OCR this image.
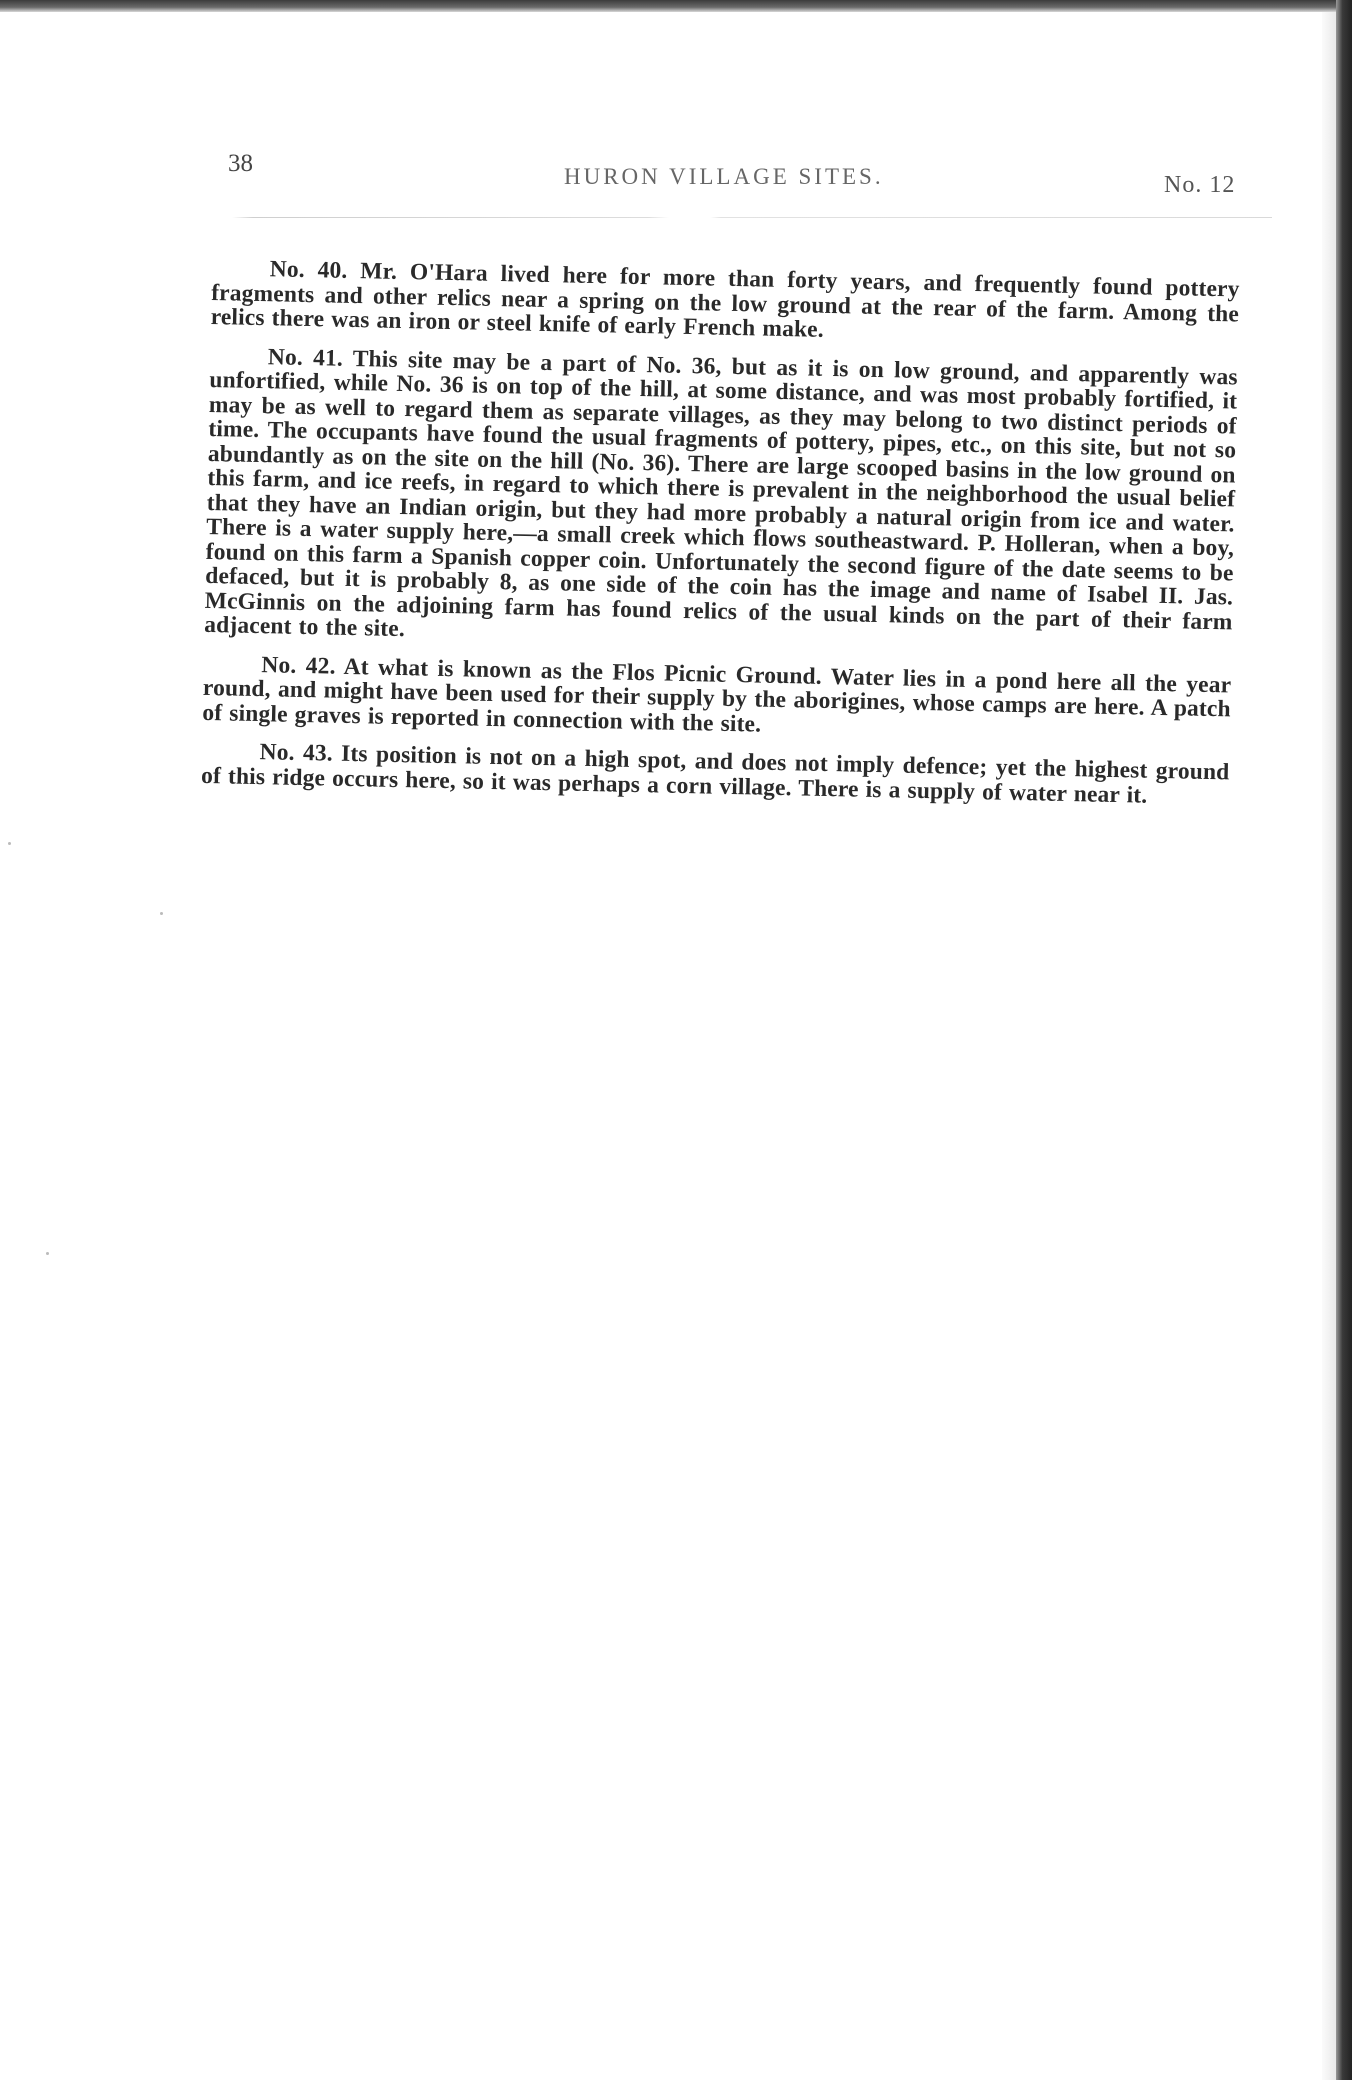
38	HURON VILLAGE SITES.	No. 12

No. 40. Mr. O'Hara lived here for more than forty years, and frequently found pottery fragments and other relics near a spring on the low ground at the rear of the farm. Among the relics there was an iron or steel knife of early French make.

No. 41. This site may be a part of No. 36, but as it is on low ground, and apparently was unfortified, while No. 36 is on top of the hill, at some distance, and was most probably fortified, it may be as well to regard them as separate villages, as they may belong to two distinct periods of time. The occupants have found the usual fragments of pottery, pipes, etc., on this site, but not so abundantly as on the site on the hill (No. 36). There are large scooped basins in the low ground on this farm, and ice reefs, in regard to which there is prevalent in the neighborhood the usual belief that they have an Indian origin, but they had more probably a natural origin from ice and water. There is a water supply here,—a small creek which flows southeastward. P. Holleran, when a boy, found on this farm a Spanish copper coin. Unfortunately the second figure of the date seems to be defaced, but it is probably 8, as one side of the coin has the image and name of Isabel II. Jas. McGinnis on the adjoining farm has found relics of the usual kinds on the part of their farm adjacent to the site.

No. 42. At what is known as the Flos Picnic Ground. Water lies in a pond here all the year round, and might have been used for their supply by the aborigines, whose camps are here. A patch of single graves is reported in connection with the site.

No. 43. Its position is not on a high spot, and does not imply defence; yet the highest ground of this ridge occurs here, so it was perhaps a corn village. There is a supply of water near it.
